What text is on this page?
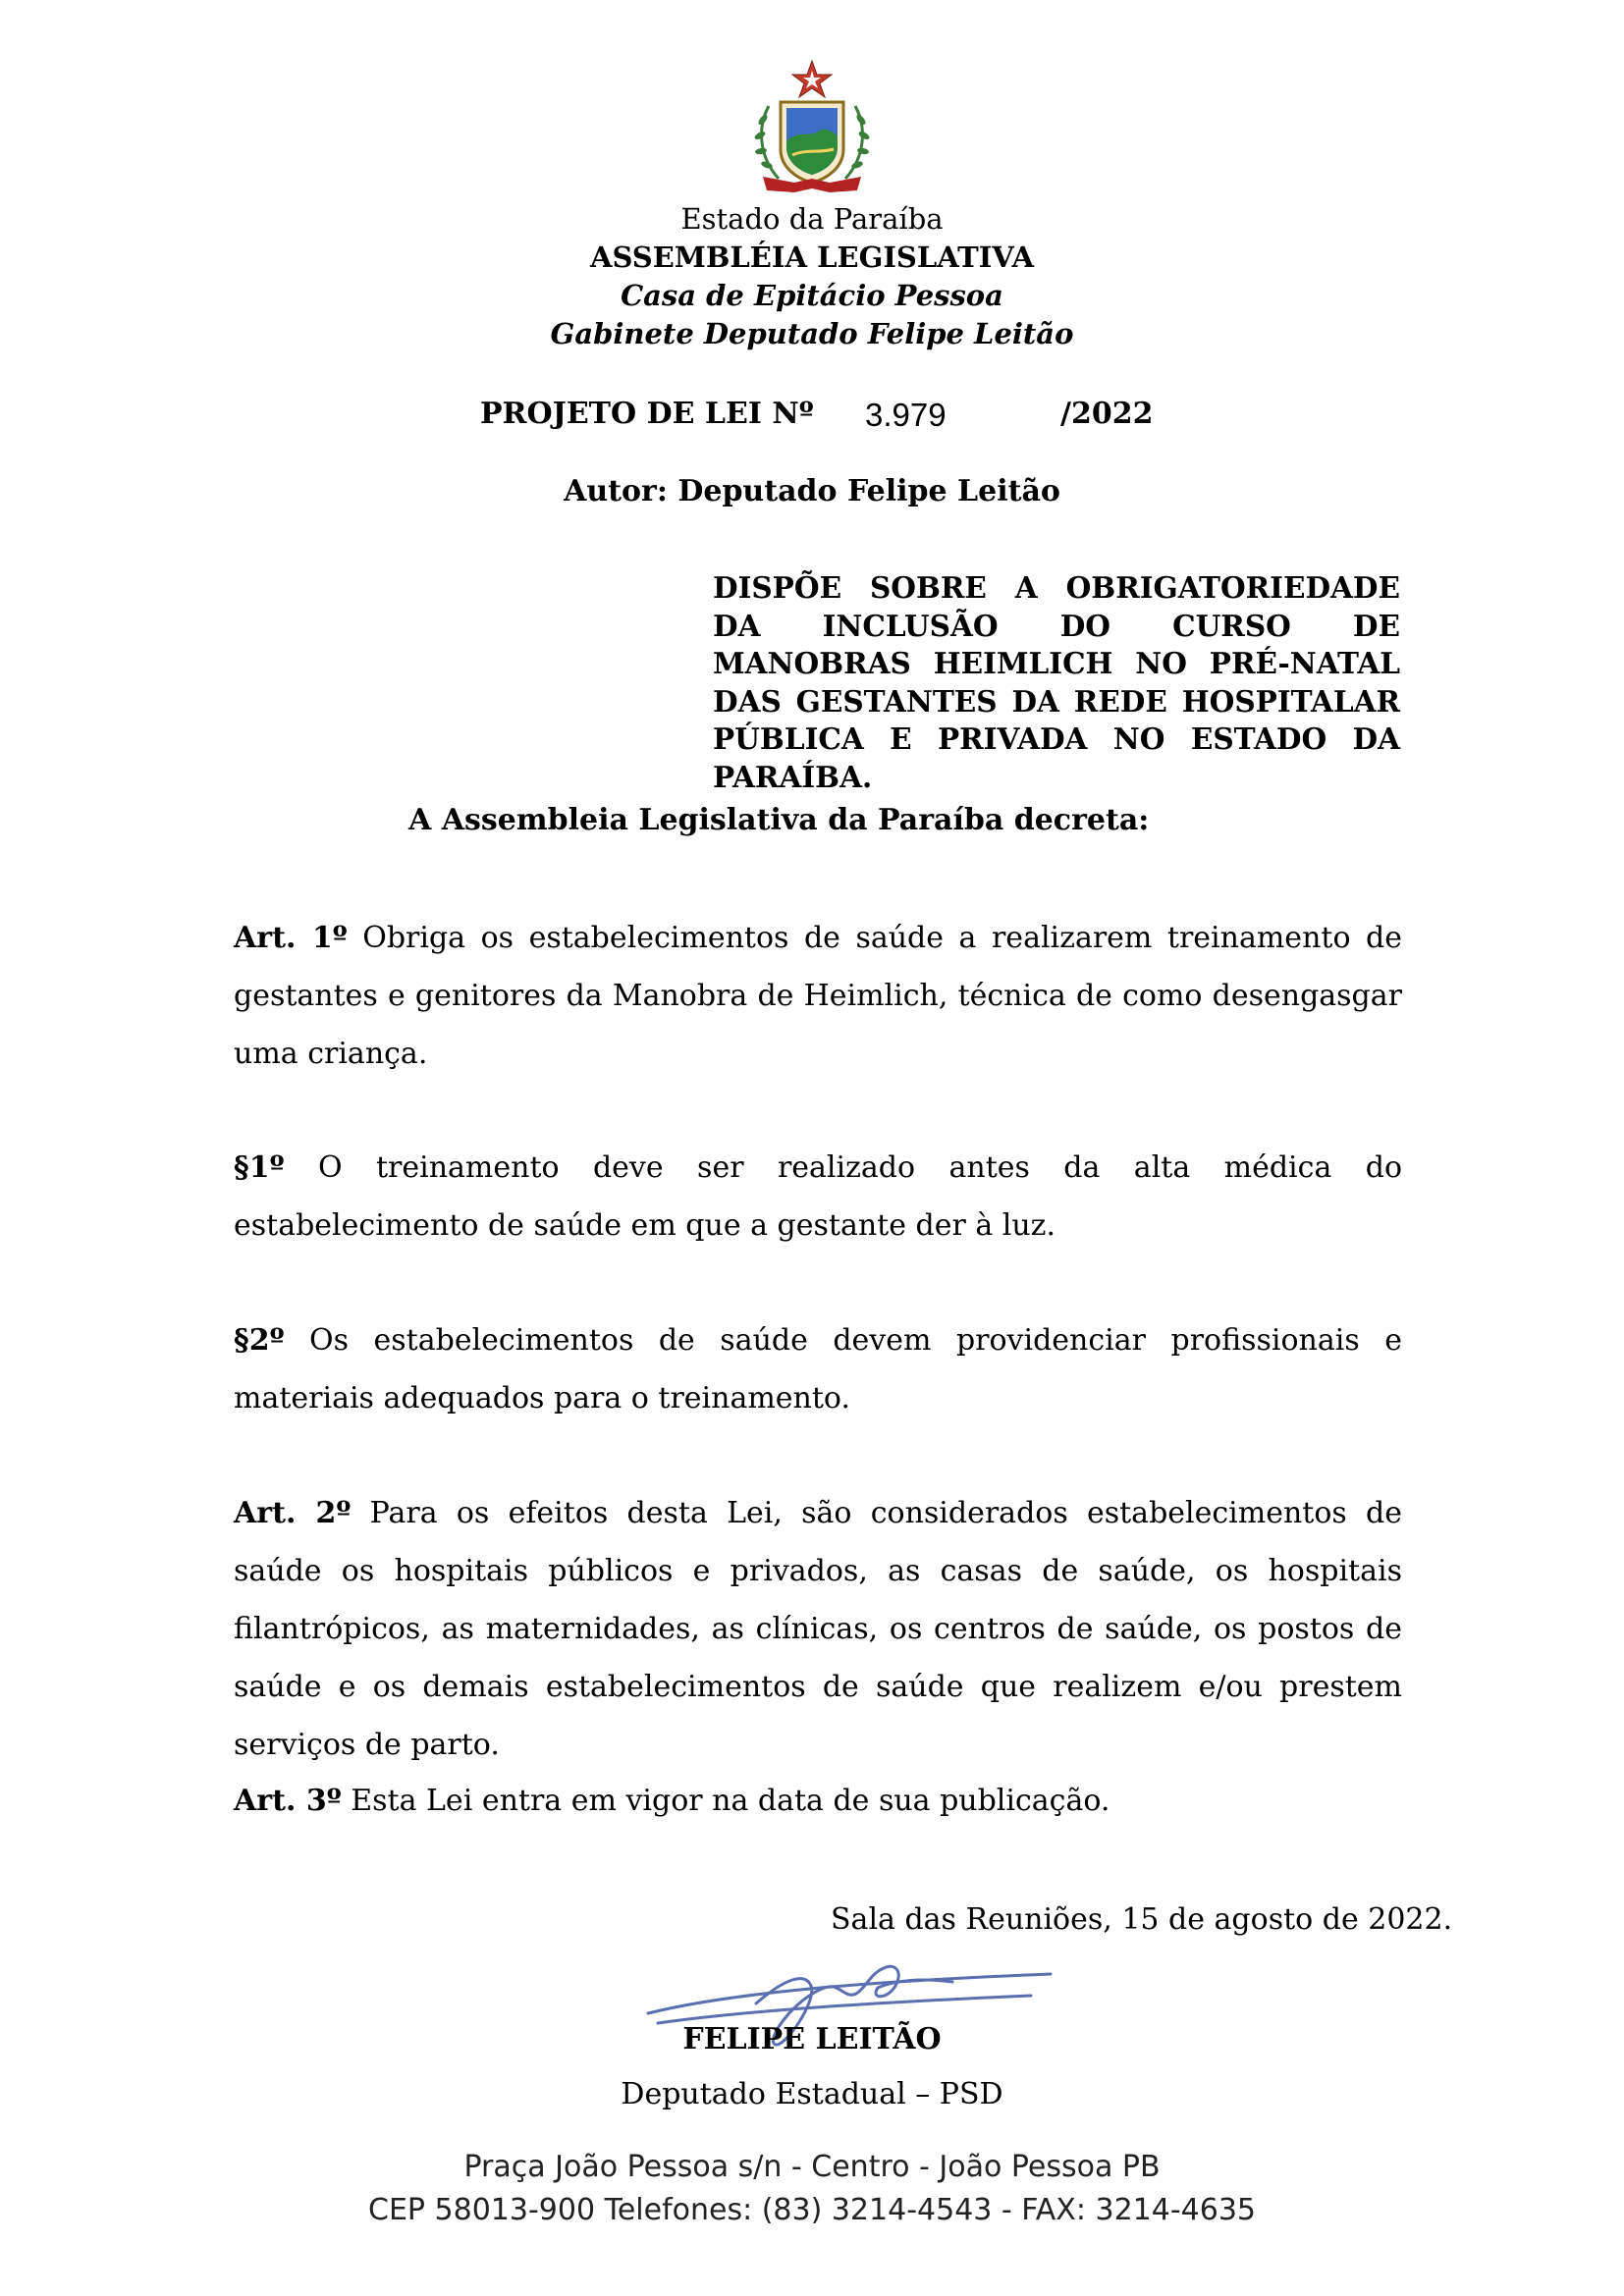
Estado da Paraíba
ASSEMBLÉIA LEGISLATIVA
Casa de Epitácio Pessoa
Gabinete Deputado Felipe Leitão
PROJETO DE LEI Nº 3.979	/2022
Autor: Deputado Felipe Leitão
DISPÕE SOBRE A OBRIGATORIEDADE DA INCLUSÃO DO CURSO DE MANOBRAS HEIMLICH NO PRÉ-NATAL DAS GESTANTES DA REDE HOSPITALAR PÚBLICA E PRIVADA NO ESTADO DA PARAÍBA.
A Assembleia Legislativa da Paraíba decreta:

Art. 1º Obriga os estabelecimentos de saúde a realizarem treinamento de gestantes e genitores da Manobra de Heimlich, técnica de como desengasgar uma criança.

§1º O treinamento deve ser realizado antes da alta médica do estabelecimento de saúde em que a gestante der à luz.

§2º Os estabelecimentos de saúde devem providenciar profissionais e materiais adequados para o treinamento.

Art. 2º Para os efeitos desta Lei, são considerados estabelecimentos de saúde os hospitais públicos e privados, as casas de saúde, os hospitais filantrópicos, as maternidades, as clínicas, os centros de saúde, os postos de saúde e os demais estabelecimentos de saúde que realizem e/ou prestem serviços de parto.

Art. 3º Esta Lei entra em vigor na data de sua publicação.

Sala das Reuniões, 15 de agosto de 2022.
FELIPE LEITÃO
Deputado Estadual – PSD
Praça João Pessoa s/n - Centro - João Pessoa PB
CEP 58013-900 Telefones: (83) 3214-4543 - FAX: 3214-4635
